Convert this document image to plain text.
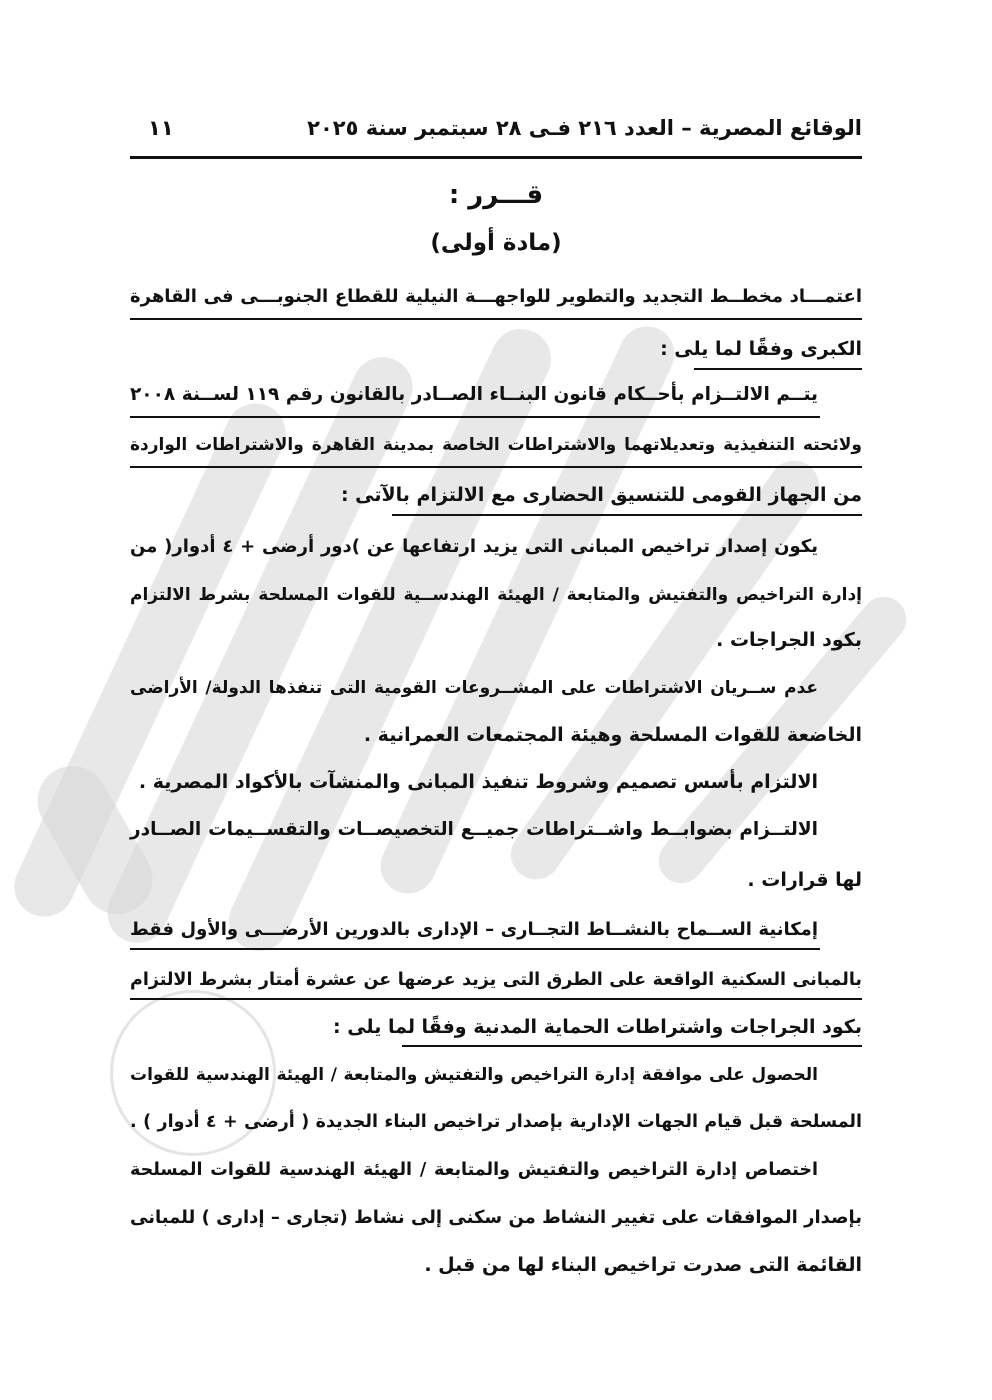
الوقائع المصرية – العدد ٢١٦ فـى ٢٨ سبتمبر سنة ٢٠٢٥
١١
قـــرر :
(مادة أولى)
اعتمـــاد مخطــط التجديد والتطوير للواجهـــة النيلية للقطاع الجنوبـــى فى القاهرة
الكبرى وفقًا لما يلى :
يتــم الالتــزام بأحــكام قانون البنــاء الصــادر بالقانون رقم ١١٩ لســنة ٢٠٠٨
ولائحته التنفيذية وتعديلاتهما والاشتراطات الخاصة بمدينة القاهرة والاشتراطات الواردة
من الجهاز القومى للتنسيق الحضارى مع الالتزام بالآتى :
يكون إصدار تراخيص المبانى التى يزيد ارتفاعها عن )دور أرضى + ٤ أدوار( من
إدارة التراخيص والتفتيش والمتابعة / الهيئة الهندســية للقوات المسلحة بشرط الالتزام
بكود الجراجات .
عدم ســريان الاشتراطات على المشــروعات القومية التى تنفذها الدولة/ الأراضى
الخاضعة للقوات المسلحة وهيئة المجتمعات العمرانية .
الالتزام بأسس تصميم وشروط تنفيذ المبانى والمنشآت بالأكواد المصرية .
الالتــزام بضوابــط واشــتراطات جميــع التخصيصــات والتقســيمات الصــادر
لها قرارات .
إمكانية الســماح بالنشــاط التجــارى – الإدارى بالدورين الأرضـــى والأول فقط
بالمبانى السكنية الواقعة على الطرق التى يزيد عرضها عن عشرة أمتار بشرط الالتزام
بكود الجراجات واشتراطات الحماية المدنية وفقًا لما يلى :
الحصول على موافقة إدارة التراخيص والتفتيش والمتابعة / الهيئة الهندسية للقوات
المسلحة قبل قيام الجهات الإدارية بإصدار تراخيص البناء الجديدة ( أرضى + ٤ أدوار ) .
اختصاص إدارة التراخيص والتفتيش والمتابعة / الهيئة الهندسية للقوات المسلحة
بإصدار الموافقات على تغيير النشاط من سكنى إلى نشاط (تجارى – إدارى ) للمبانى
القائمة التى صدرت تراخيص البناء لها من قبل .
